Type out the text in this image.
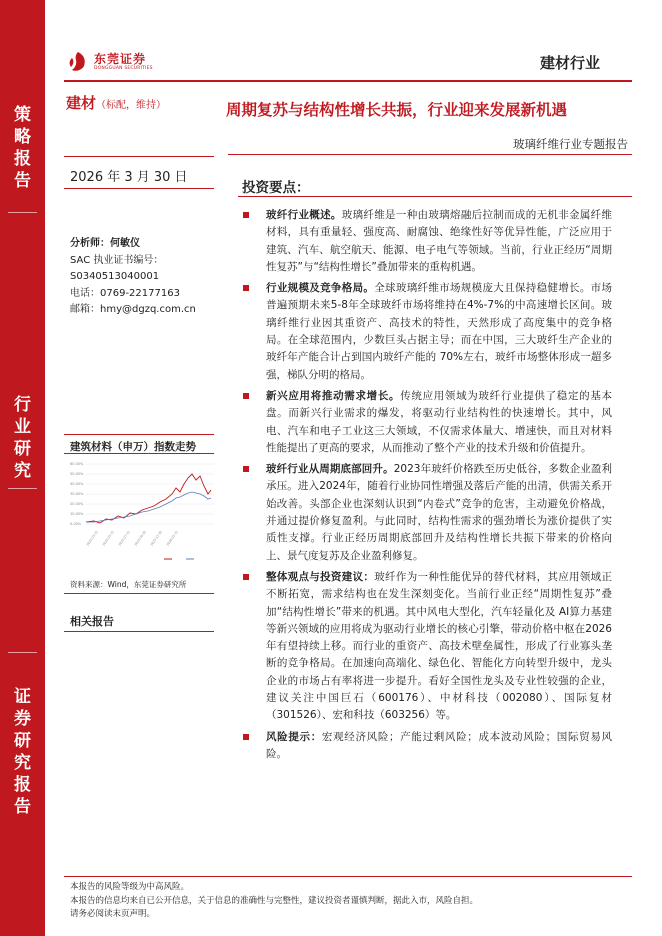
策
略
报
告
行
业
研
究
证
券
研
究
报
告
东莞证券
DONGGUAN SECURITIES	建材行业
建材（标配，维持）	周期复苏与结构性增长共振，行业迎来发展新机遇
玻璃纤维行业专题报告
2026 年 3 月 30 日
分析师：何敏仪
SAC 执业证书编号：
S0340513040001
电话：0769-22177163
邮箱：hmy@dgzq.com.cn
建筑材料（申万）指数走势
60.00%
50.00%
40.00%
30.00%
20.00%
10.00%
0.00%
2025-03-31 2025-05-31 2025-07-31 2025-09-30 2025-11-30 2026-01-31
资料来源：Wind，东莞证券研究所
相关报告
投资要点：
玻纤行业概述。玻璃纤维是一种由玻璃熔融后拉制而成的无机非金属纤维材料，具有重量轻、强度高、耐腐蚀、绝缘性好等优异性能，广泛应用于建筑、汽车、航空航天、能源、电子电气等领域。当前，行业正经历“周期性复苏”与“结构性增长”叠加带来的重构机遇。
行业规模及竞争格局。全球玻璃纤维市场规模庞大且保持稳健增长。市场普遍预期未来5-8年全球玻纤市场将维持在4%-7%的中高速增长区间。玻璃纤维行业因其重资产、高技术的特性，天然形成了高度集中的竞争格局。在全球范围内，少数巨头占据主导；而在中国，三大玻纤生产企业的玻纤年产能合计占到国内玻纤产能的 70%左右，玻纤市场整体形成一超多强，梯队分明的格局。
新兴应用将推动需求增长。传统应用领域为玻纤行业提供了稳定的基本盘。而新兴行业需求的爆发，将驱动行业结构性的快速增长。其中，风电、汽车和电子工业这三大领域，不仅需求体量大、增速快，而且对材料性能提出了更高的要求，从而推动了整个产业的技术升级和价值提升。
玻纤行业从周期底部回升。2023年玻纤价格跌至历史低谷，多数企业盈利承压。进入2024年，随着行业协同性增强及落后产能的出清，供需关系开始改善。头部企业也深刻认识到“内卷式”竞争的危害，主动避免价格战，并通过提价修复盈利。与此同时，结构性需求的强劲增长为涨价提供了实质性支撑。行业正经历周期底部回升及结构性增长共振下带来的价格向上、景气度复苏及企业盈利修复。
整体观点与投资建议：玻纤作为一种性能优异的替代材料，其应用领域正不断拓宽，需求结构也在发生深刻变化。当前行业正经“周期性复苏”叠加“结构性增长”带来的机遇。其中风电大型化，汽车轻量化及 AI算力基建等新兴领域的应用将成为驱动行业增长的核心引擎，带动价格中枢在2026年有望持续上移。而行业的重资产、高技术壁垒属性，形成了行业寡头垄断的竞争格局。在加速向高端化、绿色化、智能化方向转型升级中，龙头企业的市场占有率将进一步提升。看好全国性龙头及专业性较强的企业，建议关注中国巨石（600176）、中材科技（002080）、国际复材（301526）、宏和科技（603256）等。
风险提示：宏观经济风险；产能过剩风险；成本波动风险；国际贸易风险。
本报告的风险等级为中高风险。
本报告的信息均来自已公开信息，关于信息的准确性与完整性，建议投资者谨慎判断，据此入市，风险自担。
请务必阅读末页声明。
